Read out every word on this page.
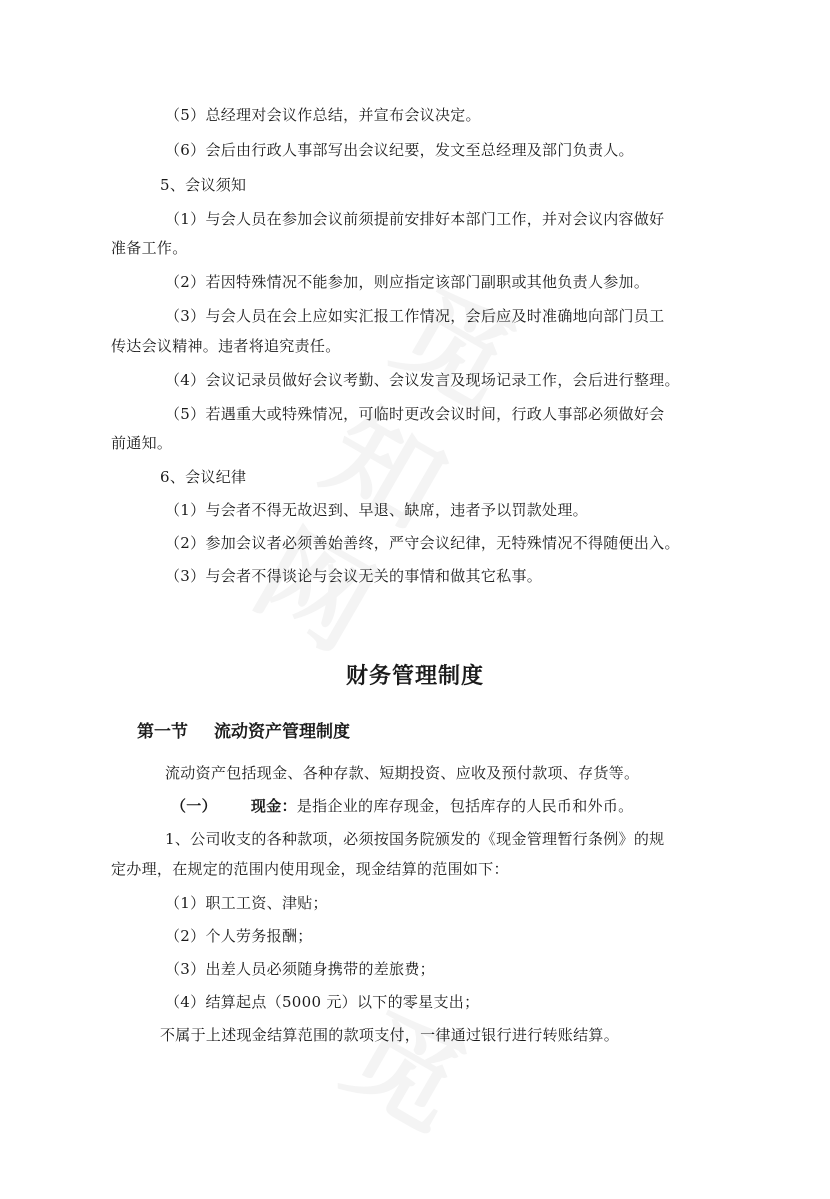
（5）总经理对会议作总结，并宣布会议决定。
（6）会后由行政人事部写出会议纪要，发文至总经理及部门负责人。
5、会议须知
（1）与会人员在参加会议前须提前安排好本部门工作，并对会议内容做好
准备工作。
（2）若因特殊情况不能参加，则应指定该部门副职或其他负责人参加。
（3）与会人员在会上应如实汇报工作情况，会后应及时准确地向部门员工
传达会议精神。违者将追究责任。
（4）会议记录员做好会议考勤、会议发言及现场记录工作，会后进行整理。
（5）若遇重大或特殊情况，可临时更改会议时间，行政人事部必须做好会
前通知。
6、会议纪律
（1）与会者不得无故迟到、早退、缺席，违者予以罚款处理。
（2）参加会议者必须善始善终，严守会议纪律，无特殊情况不得随便出入。
（3）与会者不得谈论与会议无关的事情和做其它私事。
财务管理制度
第一节 流动资产管理制度
流动资产包括现金、各种存款、短期投资、应收及预付款项、存货等。
（一） 现金：是指企业的库存现金，包括库存的人民币和外币。
1、公司收支的各种款项，必须按国务院颁发的《现金管理暂行条例》的规
定办理，在规定的范围内使用现金，现金结算的范围如下：
（1）职工工资、津贴；
（2）个人劳务报酬；
（3）出差人员必须随身携带的差旅费；
（4）结算起点（5000 元）以下的零星支出；
不属于上述现金结算范围的款项支付，一律通过银行进行转账结算。
